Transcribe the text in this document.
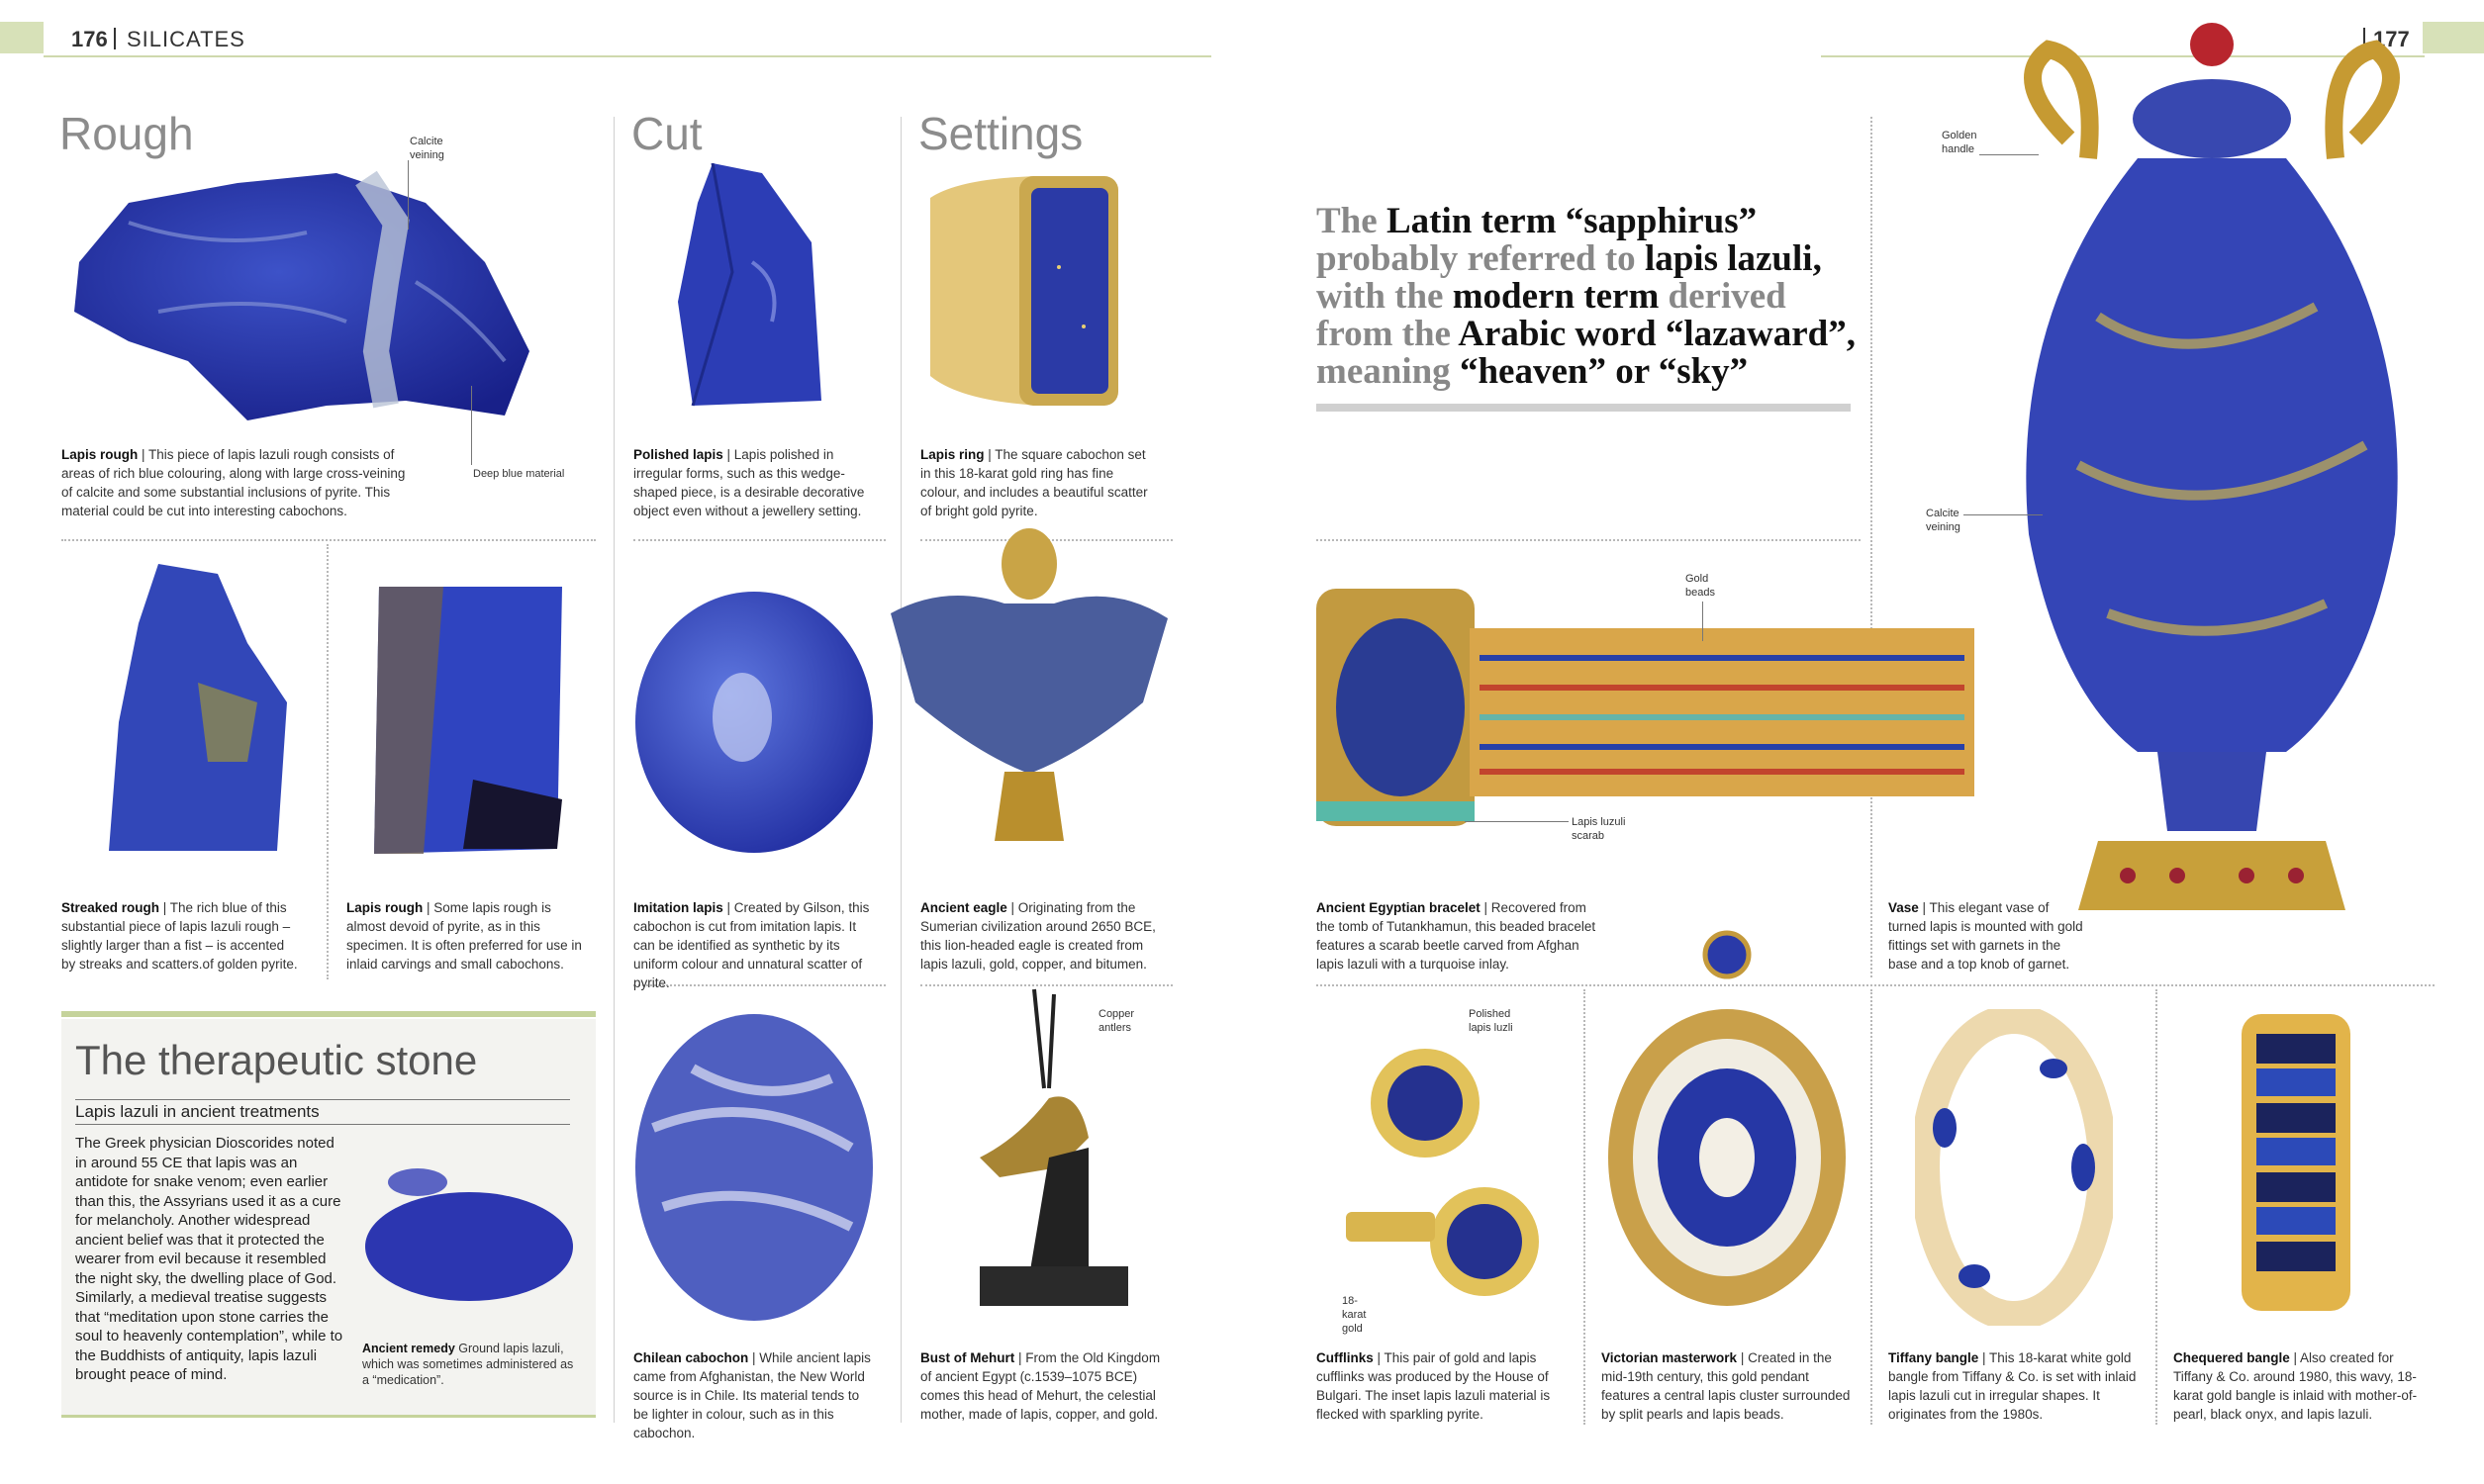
176 SILICATES	177
Rough	Cut	Settings
Calcite veining
Deep blue material
Gold beads
Lapis luzuli scarab
Golden handle
Calcite veining
Polished lapis luzli
18-karat gold
The Latin term “sapphirus”
probably referred to lapis lazuli,
with the modern term derived
from the Arabic word “lazaward”,
meaning “heaven” or “sky”
Lapis rough | This piece of lapis lazuli rough consists of areas of rich blue colouring, along with large cross-veining of calcite and some substantial inclusions of pyrite. This material could be cut into interesting cabochons.
Polished lapis | Lapis polished in irregular forms, such as this wedge-shaped piece, is a desirable decorative object even without a jewellery setting.
Lapis ring | The square cabochon set in this 18-karat gold ring has fine colour, and includes a beautiful scatter of bright gold pyrite.
Streaked rough | The rich blue of this substantial piece of lapis lazuli rough – slightly larger than a fist – is accented by streaks and scatters.of golden pyrite.
Lapis rough | Some lapis rough is almost devoid of pyrite, as in this specimen. It is often preferred for use in inlaid carvings and small cabochons.
Imitation lapis | Created by Gilson, this cabochon is cut from imitation lapis. It can be identified as synthetic by its uniform colour and unnatural scatter of pyrite.
Ancient eagle | Originating from the Sumerian civilization around 2650 BCE, this lion-headed eagle is created from lapis lazuli, gold, copper, and bitumen.
Ancient Egyptian bracelet | Recovered from the tomb of Tutankhamun, this beaded bracelet features a scarab beetle carved from Afghan lapis lazuli with a turquoise inlay.
Vase | This elegant vase of turned lapis is mounted with gold fittings set with garnets in the base and a top knob of garnet.
Chilean cabochon | While ancient lapis came from Afghanistan, the New World source is in Chile. Its material tends to be lighter in colour, such as in this cabochon.
Bust of Mehurt | From the Old Kingdom of ancient Egypt (c.1539–1075 BCE) comes this head of Mehurt, the celestial mother, made of lapis, copper, and gold.
Cufflinks | This pair of gold and lapis cufflinks was produced by the House of Bulgari. The inset lapis lazuli material is flecked with sparkling pyrite.
Victorian masterwork | Created in the mid-19th century, this gold pendant features a central lapis cluster surrounded by split pearls and lapis beads.
Tiffany bangle | This 18-karat white gold bangle from Tiffany & Co. is set with inlaid lapis lazuli cut in irregular shapes. It originates from the 1980s.
Chequered bangle | Also created for Tiffany & Co. around 1980, this wavy, 18-karat gold bangle is inlaid with mother-of-pearl, black onyx, and lapis lazuli.
Copper antlers
The therapeutic stone
Lapis lazuli in ancient treatments
The Greek physician Dioscorides noted in around 55 CE that lapis was an antidote for snake venom; even earlier than this, the Assyrians used it as a cure for melancholy. Another widespread ancient belief was that it protected the wearer from evil because it resembled the night sky, the dwelling place of God. Similarly, a medieval treatise suggests that “meditation upon stone carries the soul to heavenly contemplation”, while to the Buddhists of antiquity, lapis lazuli brought peace of mind.
Ancient remedy Ground lapis lazuli, which was sometimes administered as a “medication”.
